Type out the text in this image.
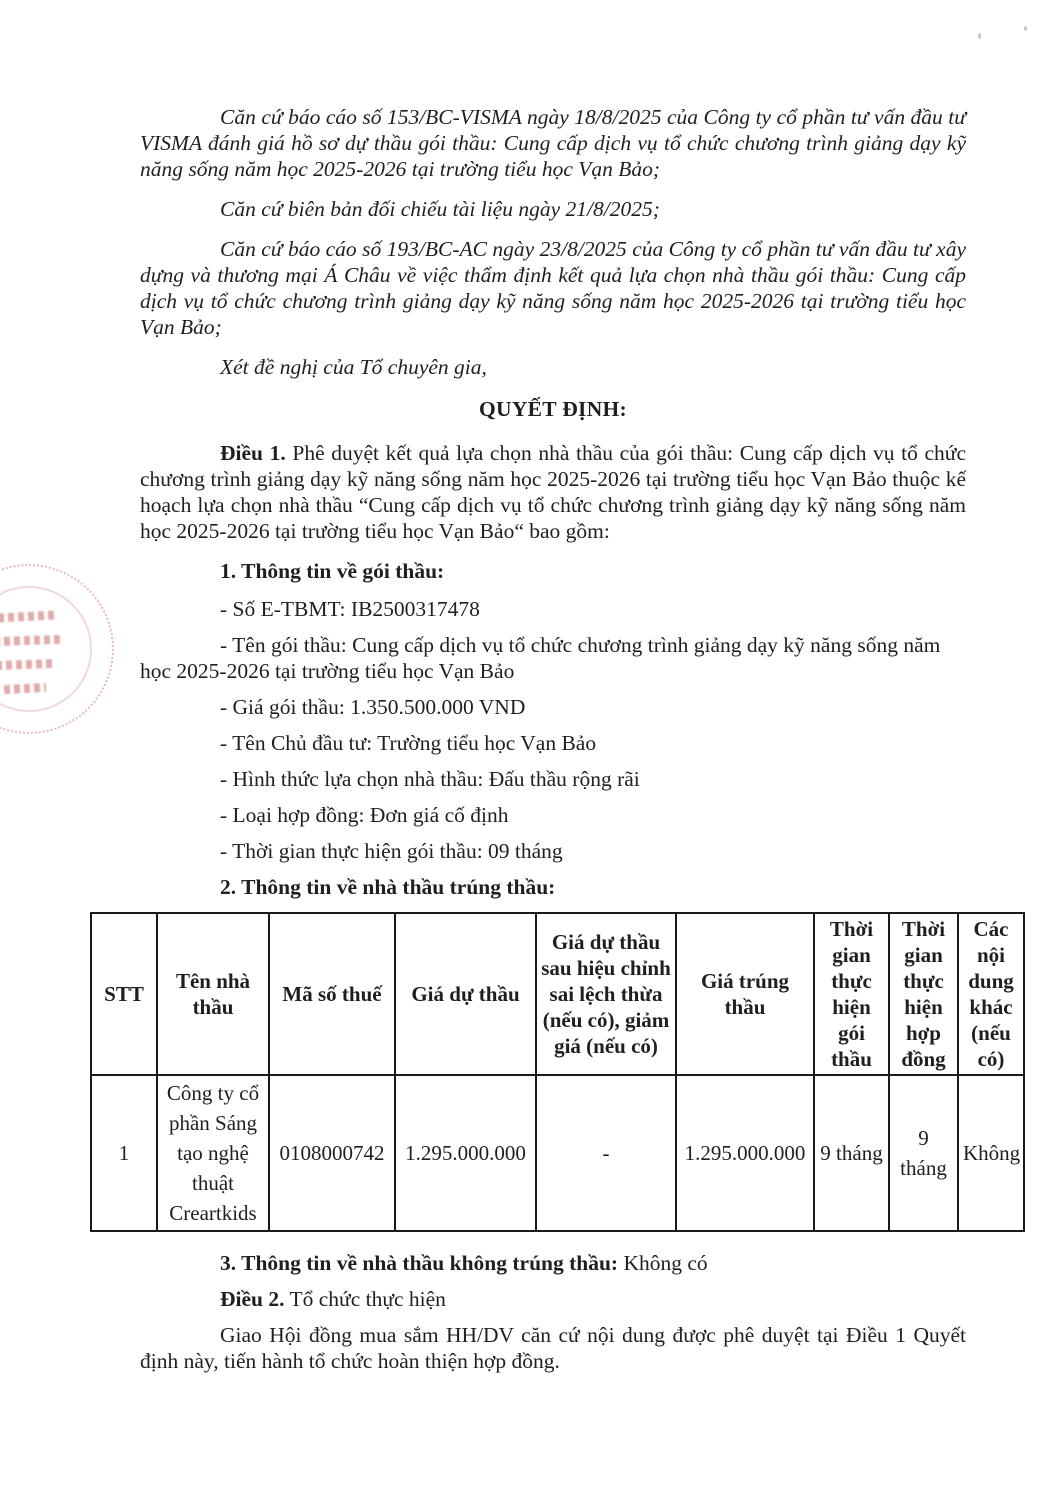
Căn cứ báo cáo số 153/BC-VISMA ngày 18/8/2025 của Công ty cổ phần tư vấn đầu tư VISMA đánh giá hồ sơ dự thầu gói thầu: Cung cấp dịch vụ tổ chức chương trình giảng dạy kỹ năng sống năm học 2025-2026 tại trường tiểu học Vạn Bảo;

Căn cứ biên bản đối chiếu tài liệu ngày 21/8/2025;

Căn cứ báo cáo số 193/BC-AC ngày 23/8/2025 của Công ty cổ phần tư vấn đầu tư xây dựng và thương mại Á Châu về việc thẩm định kết quả lựa chọn nhà thầu gói thầu: Cung cấp dịch vụ tổ chức chương trình giảng dạy kỹ năng sống năm học 2025-2026 tại trường tiểu học Vạn Bảo;

Xét đề nghị của Tổ chuyên gia,

QUYẾT ĐỊNH:

Điều 1. Phê duyệt kết quả lựa chọn nhà thầu của gói thầu: Cung cấp dịch vụ tổ chức chương trình giảng dạy kỹ năng sống năm học 2025-2026 tại trường tiểu học Vạn Bảo thuộc kế hoạch lựa chọn nhà thầu “Cung cấp dịch vụ tổ chức chương trình giảng dạy kỹ năng sống năm học 2025-2026 tại trường tiểu học Vạn Bảo“ bao gồm:

1. Thông tin về gói thầu:

- Số E-TBMT: IB2500317478

- Tên gói thầu: Cung cấp dịch vụ tổ chức chương trình giảng dạy kỹ năng sống năm học 2025-2026 tại trường tiểu học Vạn Bảo

- Giá gói thầu: 1.350.500.000 VND

- Tên Chủ đầu tư: Trường tiểu học Vạn Bảo

- Hình thức lựa chọn nhà thầu: Đấu thầu rộng rãi

- Loại hợp đồng: Đơn giá cố định

- Thời gian thực hiện gói thầu: 09 tháng

2. Thông tin về nhà thầu trúng thầu:

STT	Tên nhà thầu	Mã số thuế	Giá dự thầu	Giá dự thầu sau hiệu chỉnh sai lệch thừa (nếu có), giảm giá (nếu có)	Giá trúng thầu	Thời gian thực hiện gói thầu	Thời gian thực hiện hợp đồng	Các nội dung khác (nếu có)
1	Công ty cổ phần Sáng tạo nghệ thuật Creartkids	0108000742	1.295.000.000	-	1.295.000.000	9 tháng	9 tháng	Không

3. Thông tin về nhà thầu không trúng thầu: Không có

Điều 2. Tổ chức thực hiện

Giao Hội đồng mua sắm HH/DV căn cứ nội dung được phê duyệt tại Điều 1 Quyết định này, tiến hành tổ chức hoàn thiện hợp đồng.
